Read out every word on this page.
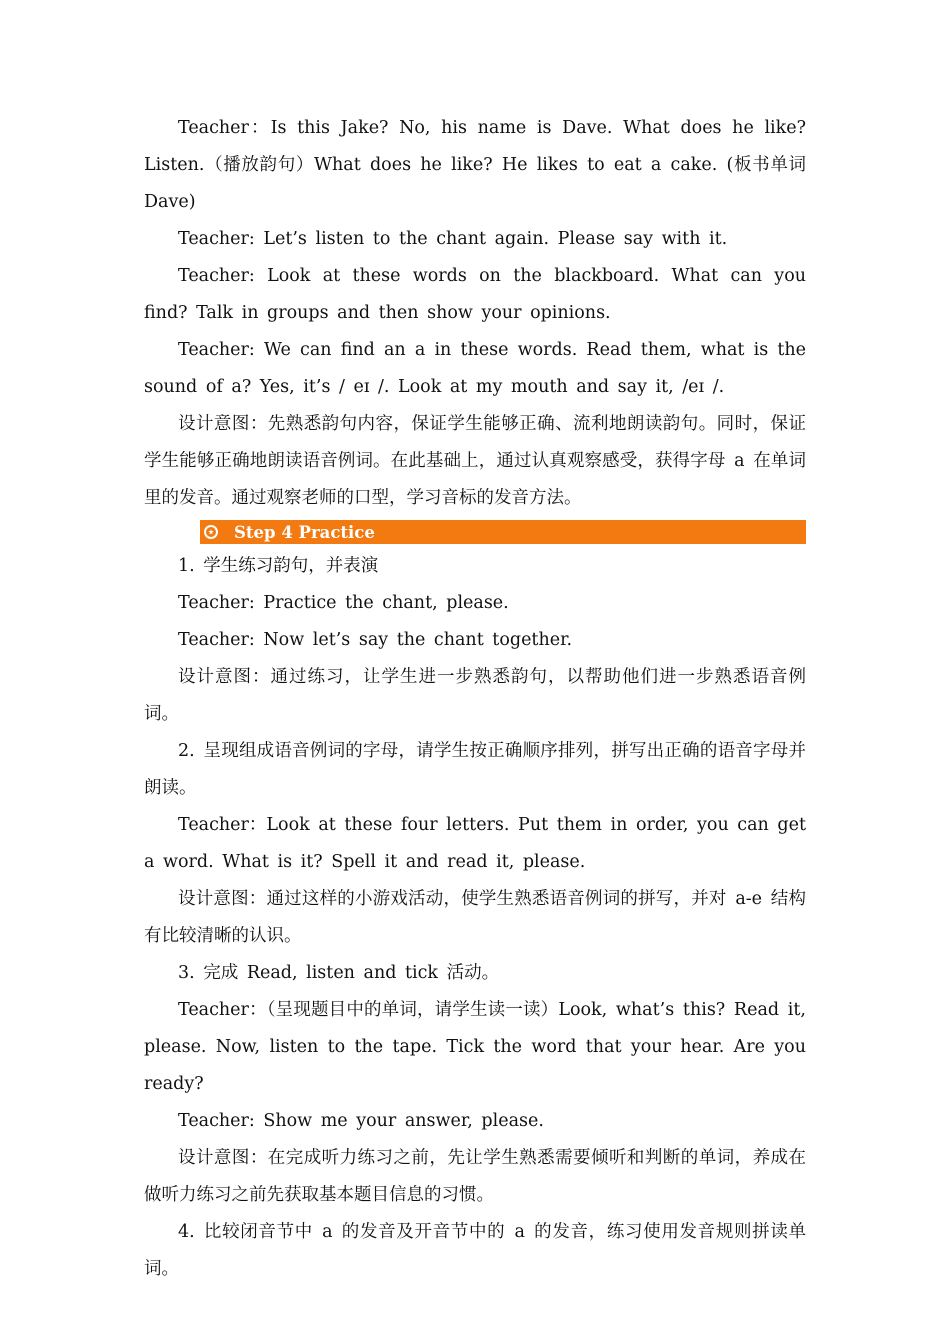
Teacher：Is this Jake? No, his name is Dave. What does he like? Listen.（播放韵句）What does he like? He likes to eat a cake. (板书单词 Dave)

Teacher: Let’s listen to the chant again. Please say with it.

Teacher: Look at these words on the blackboard. What can you find? Talk in groups and then show your opinions.

Teacher: We can find an a in these words. Read them, what is the sound of a? Yes, it’s / eɪ /. Look at my mouth and say it, /eɪ /.

设计意图：先熟悉韵句内容，保证学生能够正确、流利地朗读韵句。同时，保证学生能够正确地朗读语音例词。在此基础上，通过认真观察感受，获得字母 a 在单词里的发音。通过观察老师的口型，学习音标的发音方法。

Step 4 Practice

1. 学生练习韵句，并表演

Teacher: Practice the chant, please.

Teacher: Now let’s say the chant together.

设计意图：通过练习，让学生进一步熟悉韵句，以帮助他们进一步熟悉语音例词。

2. 呈现组成语音例词的字母，请学生按正确顺序排列，拼写出正确的语音字母并朗读。

Teacher：Look at these four letters. Put them in order, you can get a word. What is it? Spell it and read it, please.

设计意图：通过这样的小游戏活动，使学生熟悉语音例词的拼写，并对 a-e 结构有比较清晰的认识。

3. 完成 Read, listen and tick 活动。

Teacher：（呈现题目中的单词，请学生读一读）Look, what’s this? Read it, please. Now, listen to the tape. Tick the word that your hear. Are you ready?

Teacher: Show me your answer, please.

设计意图：在完成听力练习之前，先让学生熟悉需要倾听和判断的单词，养成在做听力练习之前先获取基本题目信息的习惯。

4. 比较闭音节中 a 的发音及开音节中的 a 的发音，练习使用发音规则拼读单词。
